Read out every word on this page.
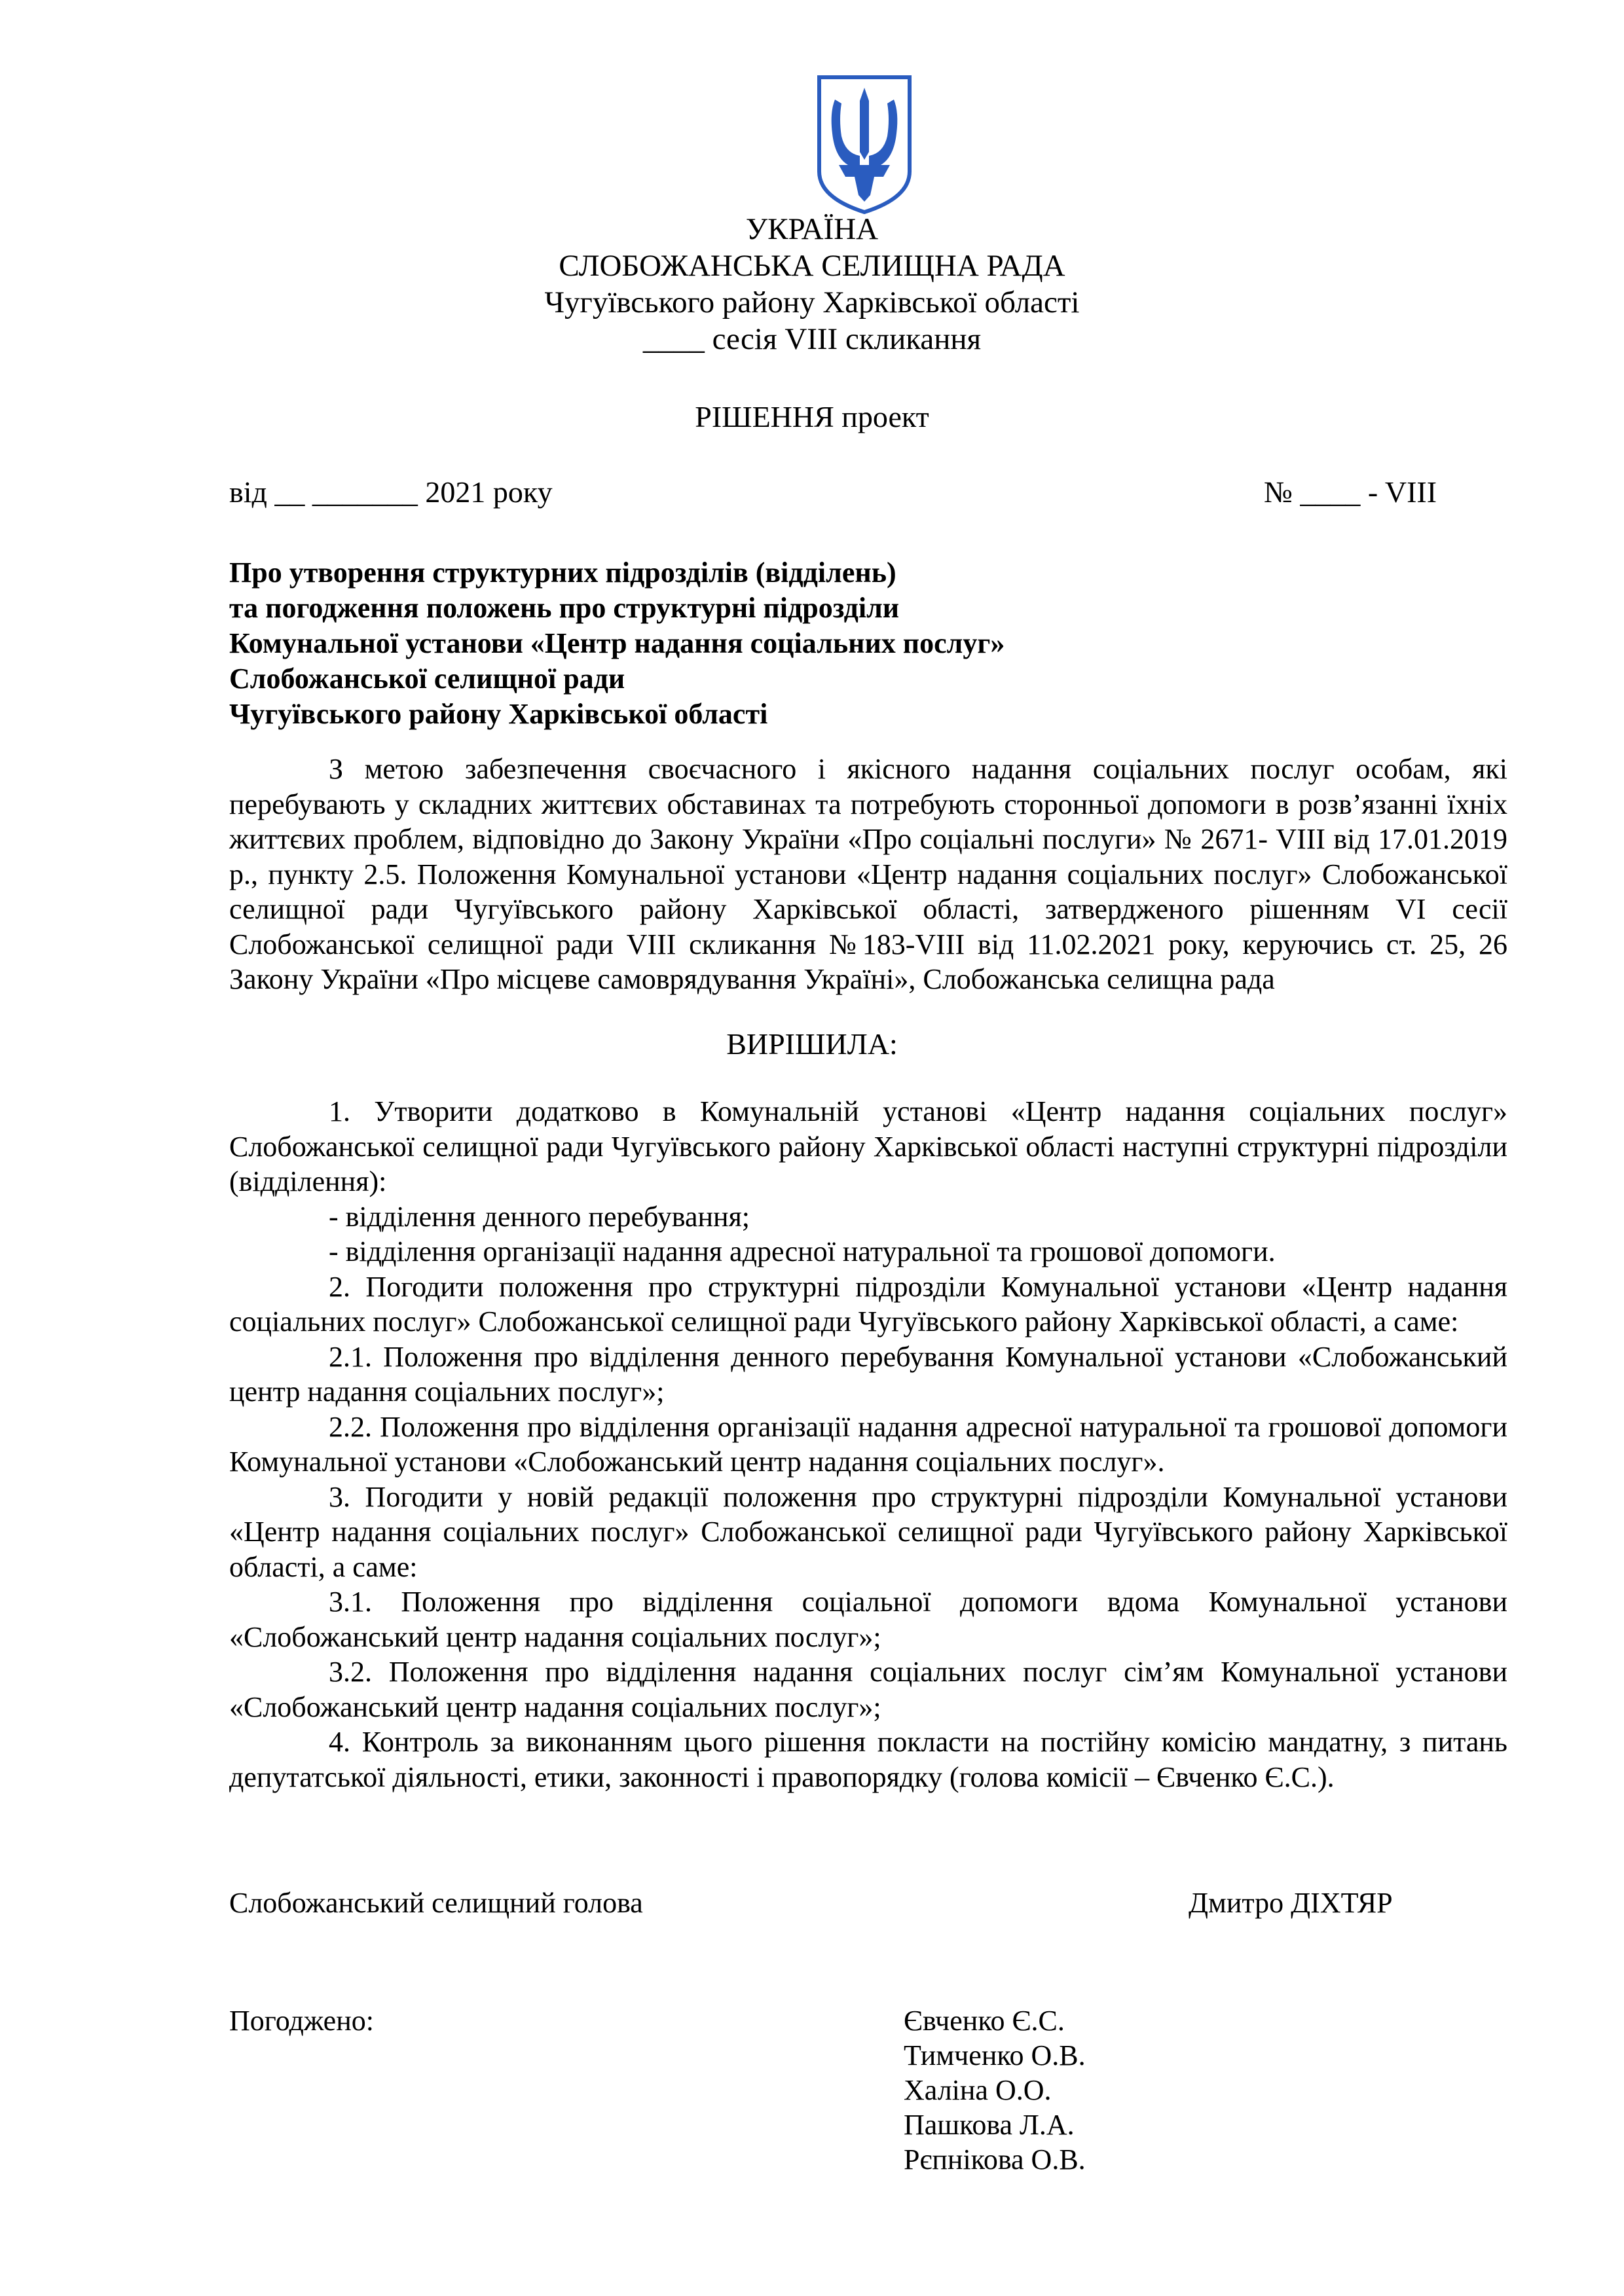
УКРАЇНА
СЛОБОЖАНСЬКА СЕЛИЩНА РАДА
Чугуївського району Харківської області
____ сесія VIII скликання
РІШЕННЯ проект
від __ _______ 2021 року	№ ____ - VIII
Про утворення структурних підрозділів (відділень)
та погодження положень про структурні підрозділи
Комунальної установи «Центр надання соціальних послуг»
Слобожанської селищної ради
Чугуївського району Харківської області

З метою забезпечення своєчасного і якісного надання соціальних послуг особам, які перебувають у складних життєвих обставинах та потребують сторонньої допомоги в розв’язанні їхніх життєвих проблем, відповідно до Закону України «Про соціальні послуги» № 2671- VIII від 17.01.2019 р., пункту 2.5. Положення Комунальної установи «Центр надання соціальних послуг» Слобожанської селищної ради Чугуївського району Харківської області, затвердженого рішенням VI сесії Слобожанської селищної ради VIII скликання №183-VIII від 11.02.2021 року, керуючись ст. 25, 26 Закону України «Про місцеве самоврядування Україні», Слобожанська селищна рада

ВИРІШИЛА:

1. Утворити додатково в Комунальній установі «Центр надання соціальних послуг» Слобожанської селищної ради Чугуївського району Харківської області наступні структурні підрозділи (відділення):

- відділення денного перебування;

- відділення організації надання адресної натуральної та грошової допомоги.

2. Погодити положення про структурні підрозділи Комунальної установи «Центр надання соціальних послуг» Слобожанської селищної ради Чугуївського району Харківської області, а саме:

2.1. Положення про відділення денного перебування Комунальної установи «Слобожанський центр надання соціальних послуг»;

2.2. Положення про відділення організації надання адресної натуральної та грошової допомоги Комунальної установи «Слобожанський центр надання соціальних послуг».

3. Погодити у новій редакції положення про структурні підрозділи Комунальної установи «Центр надання соціальних послуг» Слобожанської селищної ради Чугуївського району Харківської області, а саме:

3.1. Положення про відділення соціальної допомоги вдома Комунальної установи «Слобожанський центр надання соціальних послуг»;

3.2. Положення про відділення надання соціальних послуг сім’ям Комунальної установи «Слобожанський центр надання соціальних послуг»;

4. Контроль за виконанням цього рішення покласти на постійну комісію мандатну, з питань депутатської діяльності, етики, законності і правопорядку (голова комісії – Євченко Є.С.).

Слобожанський селищний голова	Дмитро ДІХТЯР
Погоджено:	Євченко Є.С.
Тимченко О.В.
Халіна О.О.
Пашкова Л.А.
Рєпнікова О.В.
